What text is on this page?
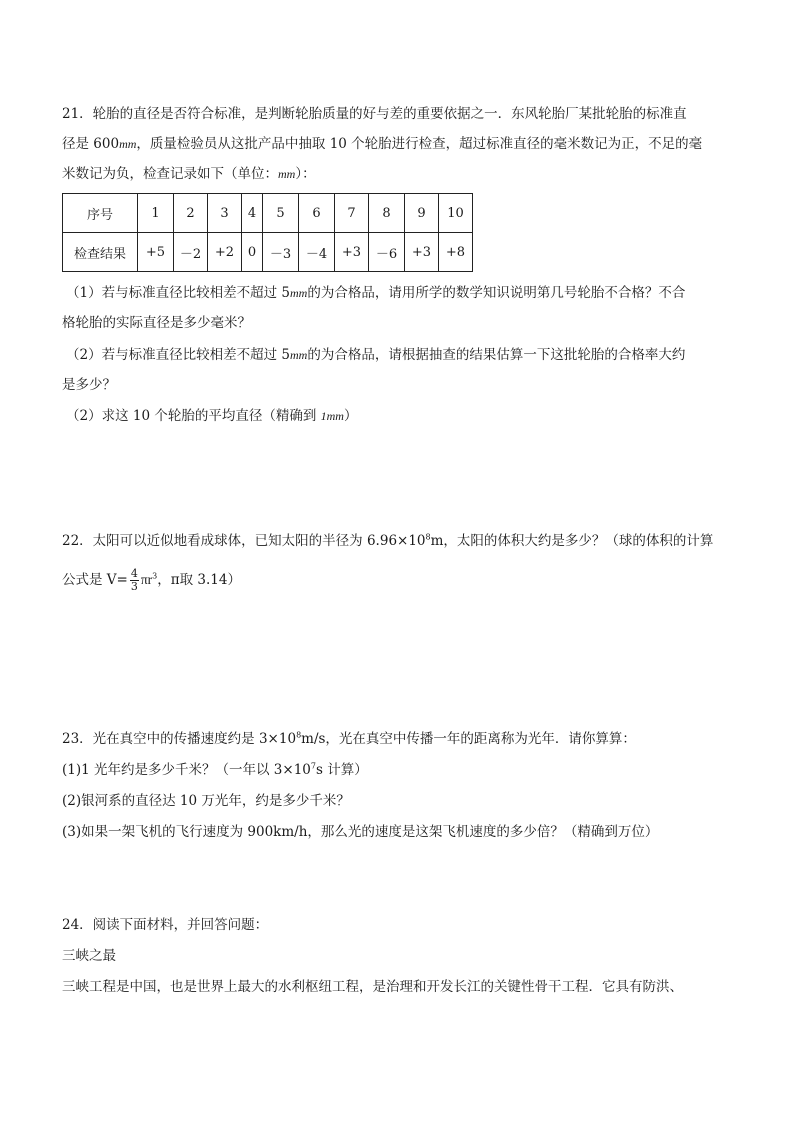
21．轮胎的直径是否符合标准，是判断轮胎质量的好与差的重要依据之一．东风轮胎厂某批轮胎的标准直
径是 600mm，质量检验员从这批产品中抽取 10 个轮胎进行检查，超过标准直径的毫米数记为正，不足的毫
米数记为负，检查记录如下（单位：mm）：
序号	1	2	3	4	5	6	7	8	9	10
检查结果	+5	－2	+2	0	－3	－4	+3	－6	+3	+8
（1）若与标准直径比较相差不超过 5mm的为合格品，请用所学的数学知识说明第几号轮胎不合格？不合
格轮胎的实际直径是多少毫米？
（2）若与标准直径比较相差不超过 5mm的为合格品，请根据抽查的结果估算一下这批轮胎的合格率大约
是多少？
（2）求这 10 个轮胎的平均直径（精确到 1mm）
22．太阳可以近似地看成球体，已知太阳的半径为 $6.96\times 10^8m$，太阳的体积大约是多少？（球的体积的计算
公式是 $V= \frac{4}{3} \pi r^3$，π取 3.14）
23．光在真空中的传播速度约是 $3\times 10^8m/s$，光在真空中传播一年的距离称为光年．请你算算：
(1)1 光年约是多少千米？（一年以 $3\times 10^7s$ 计算）
(2)银河系的直径达 10 万光年，约是多少千米？
(3)如果一架飞机的飞行速度为 900km/h，那么光的速度是这架飞机速度的多少倍？（精确到万位）
24．阅读下面材料，并回答问题：
三峡之最
三峡工程是中国，也是世界上最大的水利枢纽工程，是治理和开发长江的关键性骨干工程．它具有防洪、
